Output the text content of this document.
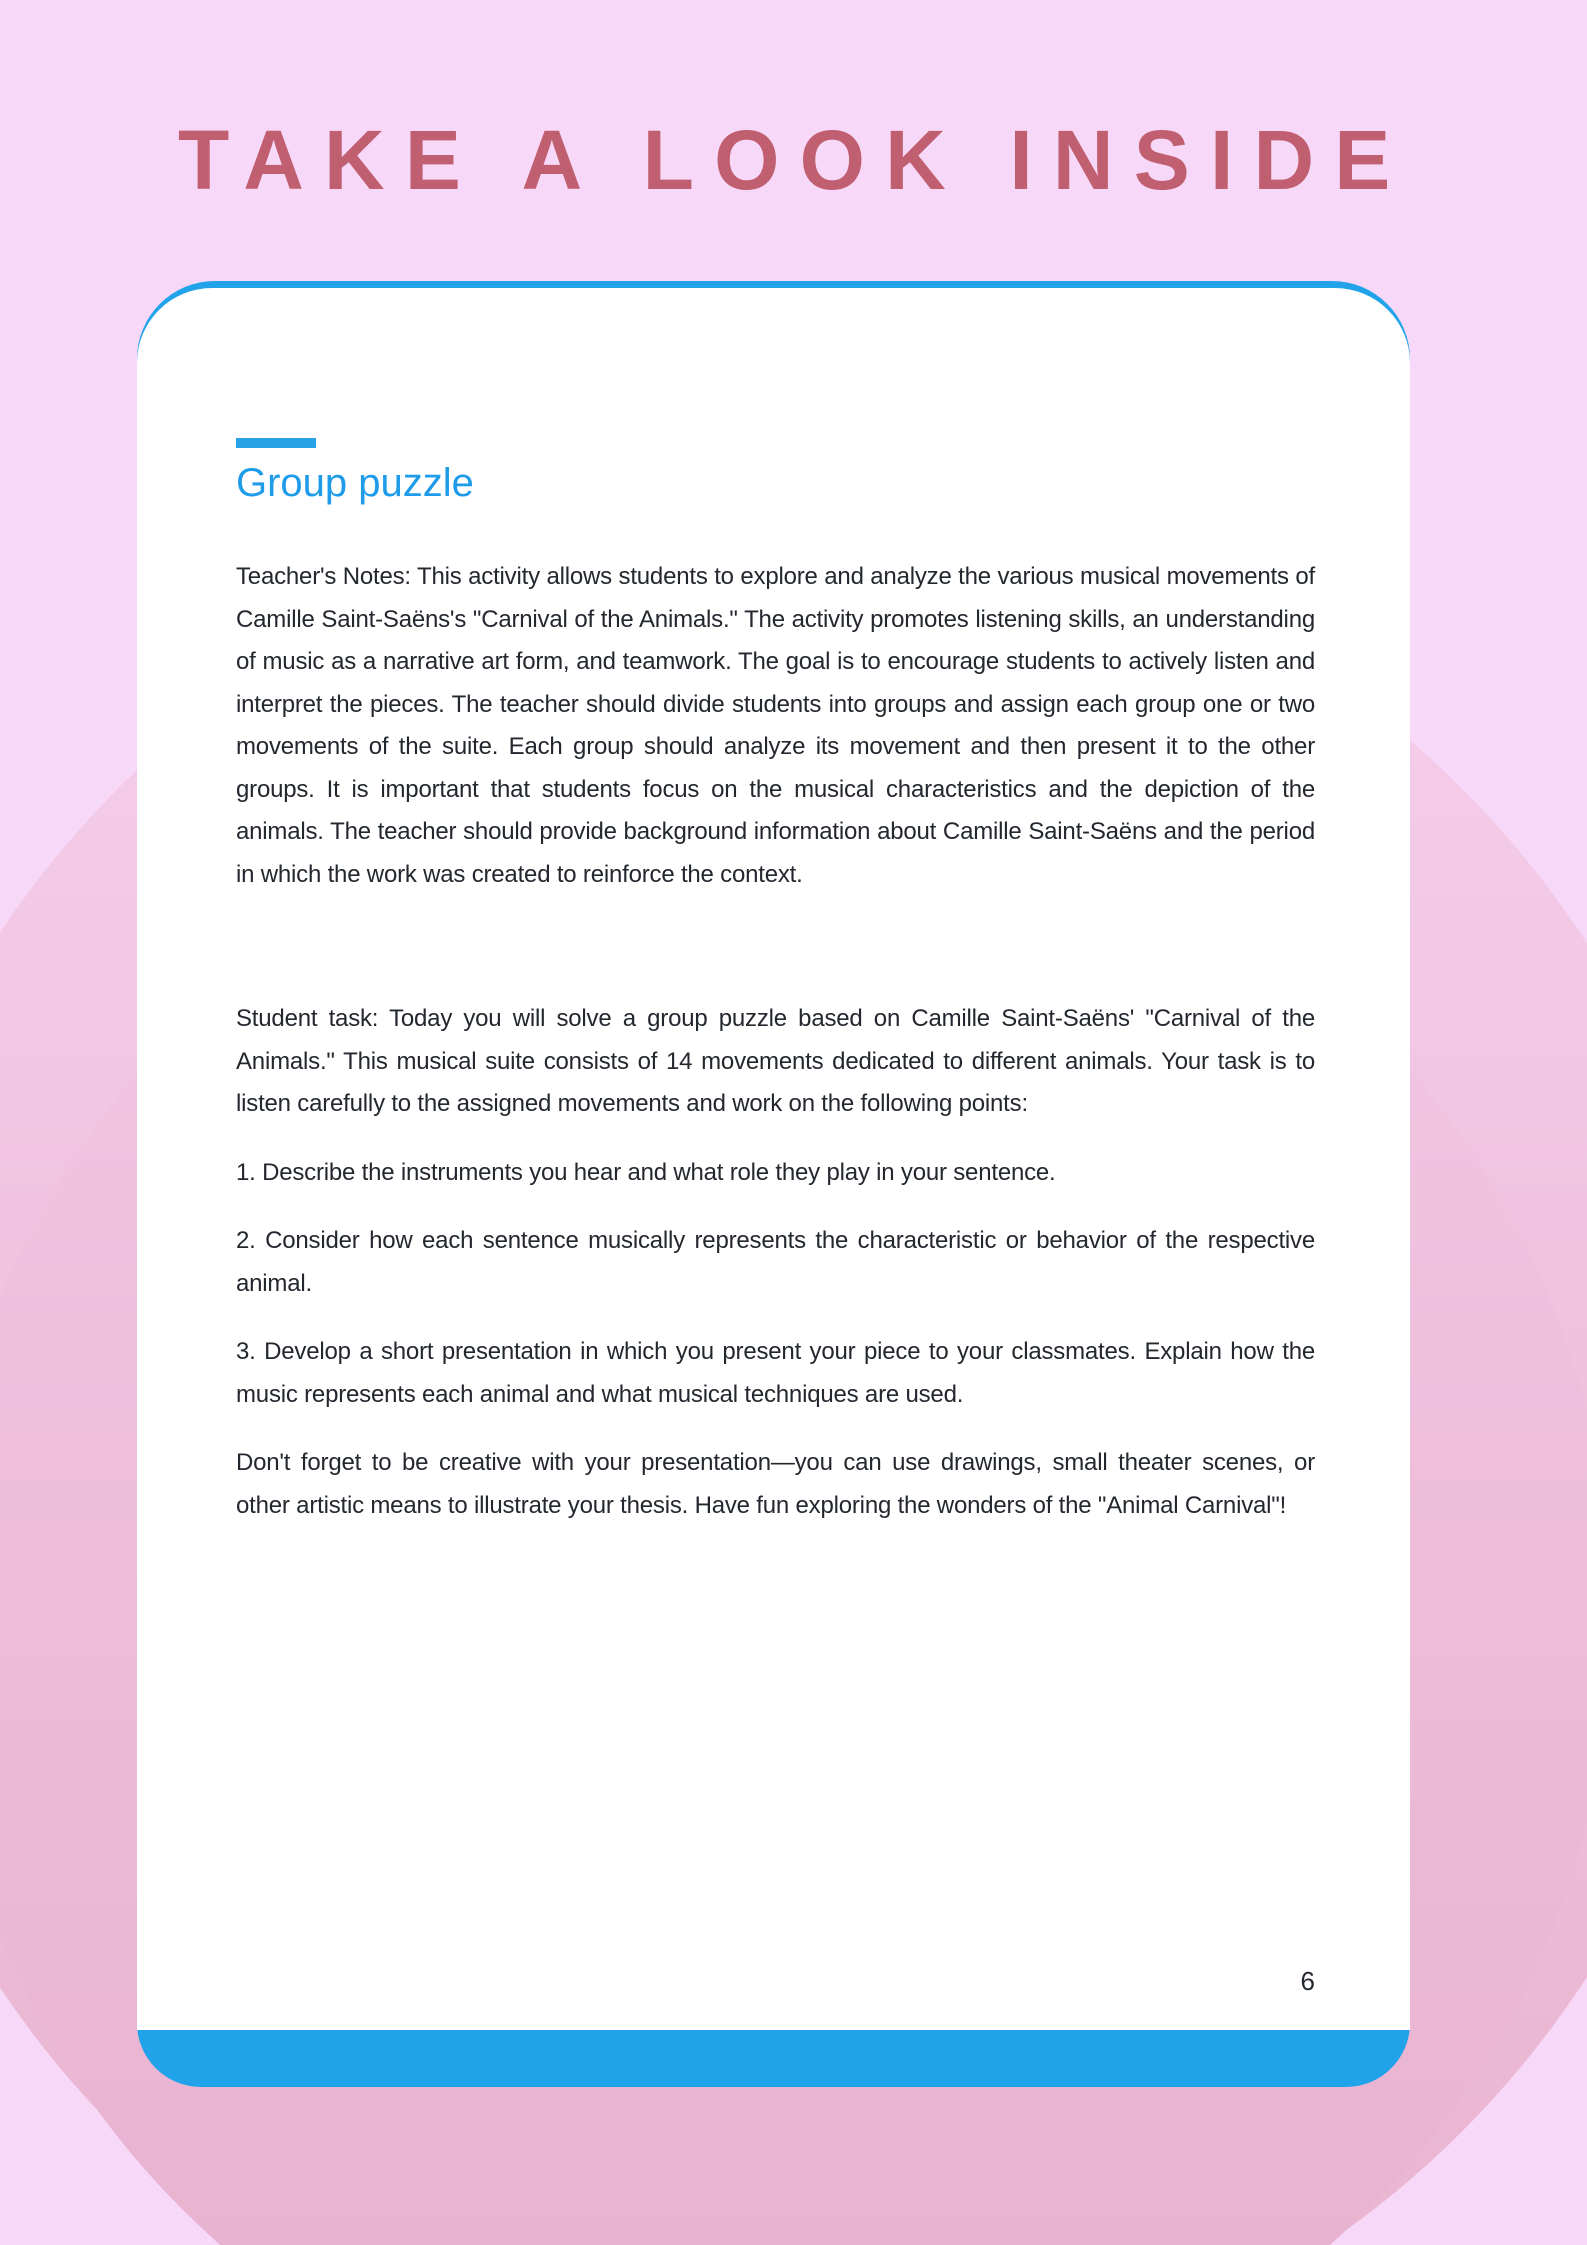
TAKE A LOOK INSIDE
Group puzzle

Teacher's Notes: This activity allows students to explore and analyze the various musical movements of Camille Saint-Saëns's "Carnival of the Animals." The activity promotes listening skills, an understanding of music as a narrative art form, and teamwork. The goal is to encourage students to actively listen and interpret the pieces. The teacher should divide students into groups and assign each group one or two movements of the suite. Each group should analyze its movement and then present it to the other groups. It is important that students focus on the musical characteristics and the depiction of the animals. The teacher should provide background information about Camille Saint-Saëns and the period in which the work was created to reinforce the context.

Student task: Today you will solve a group puzzle based on Camille Saint-Saëns' "Carnival of the Animals." This musical suite consists of 14 movements dedicated to different animals. Your task is to listen carefully to the assigned movements and work on the following points:

1. Describe the instruments you hear and what role they play in your sentence.

2. Consider how each sentence musically represents the characteristic or behavior of the respective animal.

3. Develop a short presentation in which you present your piece to your classmates. Explain how the music represents each animal and what musical techniques are used.

Don't forget to be creative with your presentation—you can use drawings, small theater scenes, or other artistic means to illustrate your thesis. Have fun exploring the wonders of the "Animal Carnival"!

6
